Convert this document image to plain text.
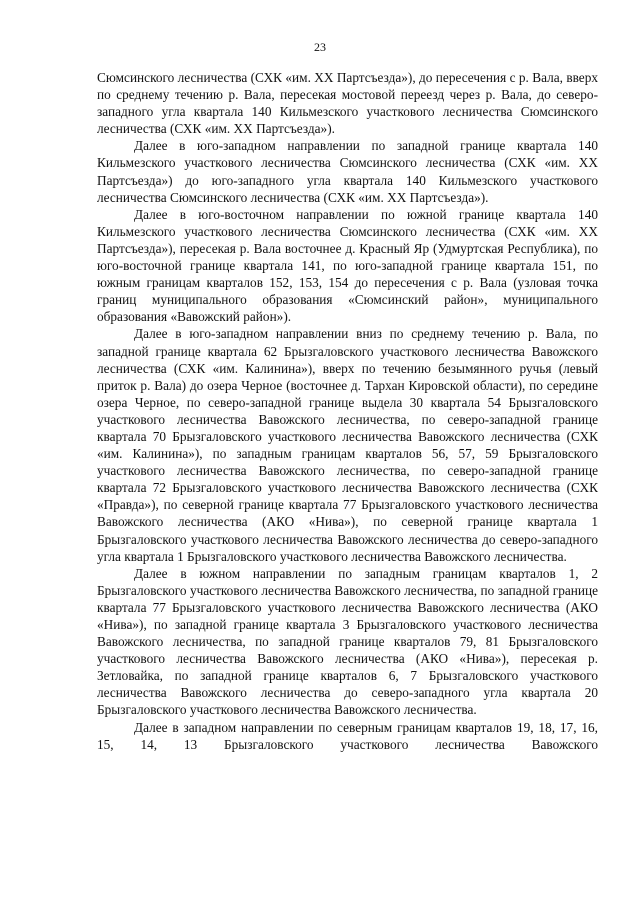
23

Сюмсинского лесничества (СХК «им. XX Партсъезда»), до пересечения с р. Вала, вверх по среднему течению р. Вала, пересекая мостовой переезд через р. Вала, до северо-западного угла квартала 140 Кильмезского участкового лесничества Сюмсинского лесничества (СХК «им. XX Партсъезда»).

Далее в юго-западном направлении по западной границе квартала 140 Кильмезского участкового лесничества Сюмсинского лесничества (СХК «им. XX Партсъезда») до юго-западного угла квартала 140 Кильмезского участкового лесничества Сюмсинского лесничества (СХК «им. XX Партсъезда»).

Далее в юго-восточном направлении по южной границе квартала 140 Кильмезского участкового лесничества Сюмсинского лесничества (СХК «им. XX Партсъезда»), пересекая р. Вала восточнее д. Красный Яр (Удмуртская Республика), по юго-восточной границе квартала 141, по юго-западной границе квартала 151, по южным границам кварталов 152, 153, 154 до пересечения с р. Вала (узловая точка границ муниципального образования «Сюмсинский район», муниципального образования «Вавожский район»).

Далее в юго-западном направлении вниз по среднему течению р. Вала, по западной границе квартала 62 Брызгаловского участкового лесничества Вавожского лесничества (СХК «им. Калинина»), вверх по течению безымянного ручья (левый приток р. Вала) до озера Черное (восточнее д. Тархан Кировской области), по середине озера Черное, по северо-западной границе выдела 30 квартала 54 Брызгаловского участкового лесничества Вавожского лесничества, по северо-западной границе квартала 70 Брызгаловского участкового лесничества Вавожского лесничества (СХК «им. Калинина»), по западным границам кварталов 56, 57, 59 Брызгаловского участкового лесничества Вавожского лесничества, по северо-западной границе квартала 72 Брызгаловского участкового лесничества Вавожского лесничества (СХК «Правда»), по северной границе квартала 77 Брызгаловского участкового лесничества Вавожского лесничества (АКО «Нива»), по северной границе квартала 1 Брызгаловского участкового лесничества Вавожского лесничества до северо-западного угла квартала 1 Брызгаловского участкового лесничества Вавожского лесничества.

Далее в южном направлении по западным границам кварталов 1, 2 Брызгаловского участкового лесничества Вавожского лесничества, по западной границе квартала 77 Брызгаловского участкового лесничества Вавожского лесничества (АКО «Нива»), по западной границе квартала 3 Брызгаловского участкового лесничества Вавожского лесничества, по западной границе кварталов 79, 81 Брызгаловского участкового лесничества Вавожского лесничества (АКО «Нива»), пересекая р. Зетловайка, по западной границе кварталов 6, 7 Брызгаловского участкового лесничества Вавожского лесничества до северо-западного угла квартала 20 Брызгаловского участкового лесничества Вавожского лесничества.

Далее в западном направлении по северным границам кварталов 19, 18, 17, 16, 15, 14, 13 Брызгаловского участкового лесничества Вавожского
